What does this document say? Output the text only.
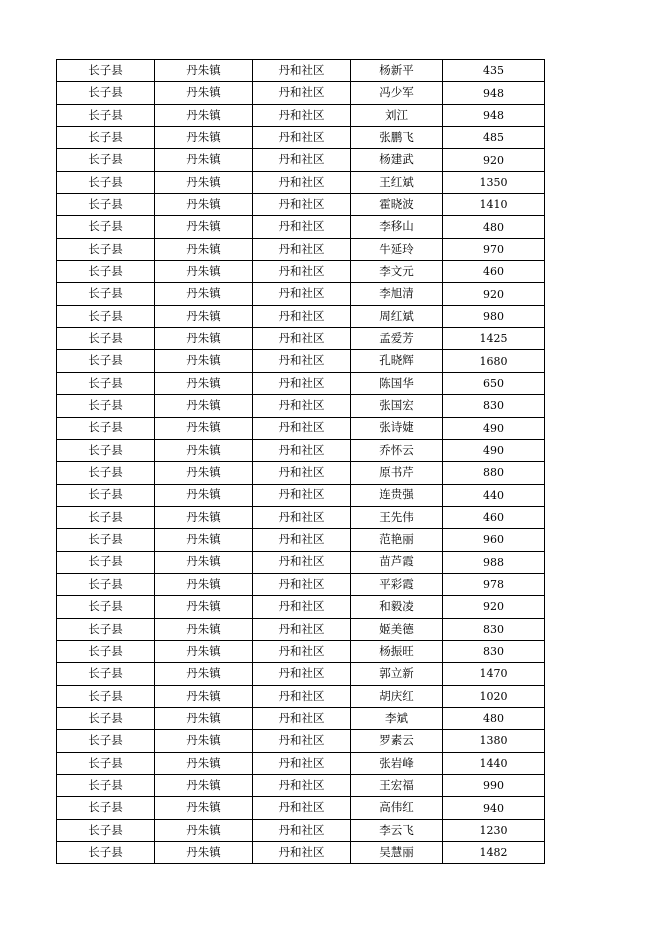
长子县	丹朱镇	丹和社区	杨新平	435
长子县	丹朱镇	丹和社区	冯少军	948
长子县	丹朱镇	丹和社区	刘江	948
长子县	丹朱镇	丹和社区	张鹏飞	485
长子县	丹朱镇	丹和社区	杨建武	920
长子县	丹朱镇	丹和社区	王红斌	1350
长子县	丹朱镇	丹和社区	霍晓波	1410
长子县	丹朱镇	丹和社区	李移山	480
长子县	丹朱镇	丹和社区	牛延玲	970
长子县	丹朱镇	丹和社区	李文元	460
长子县	丹朱镇	丹和社区	李旭清	920
长子县	丹朱镇	丹和社区	周红斌	980
长子县	丹朱镇	丹和社区	孟爱芳	1425
长子县	丹朱镇	丹和社区	孔晓辉	1680
长子县	丹朱镇	丹和社区	陈国华	650
长子县	丹朱镇	丹和社区	张国宏	830
长子县	丹朱镇	丹和社区	张诗婕	490
长子县	丹朱镇	丹和社区	乔怀云	490
长子县	丹朱镇	丹和社区	原书芹	880
长子县	丹朱镇	丹和社区	连贵强	440
长子县	丹朱镇	丹和社区	王先伟	460
长子县	丹朱镇	丹和社区	范艳丽	960
长子县	丹朱镇	丹和社区	苗芦霞	988
长子县	丹朱镇	丹和社区	平彩霞	978
长子县	丹朱镇	丹和社区	和毅凌	920
长子县	丹朱镇	丹和社区	姬美德	830
长子县	丹朱镇	丹和社区	杨振旺	830
长子县	丹朱镇	丹和社区	郭立新	1470
长子县	丹朱镇	丹和社区	胡庆红	1020
长子县	丹朱镇	丹和社区	李斌	480
长子县	丹朱镇	丹和社区	罗素云	1380
长子县	丹朱镇	丹和社区	张岩峰	1440
长子县	丹朱镇	丹和社区	王宏福	990
长子县	丹朱镇	丹和社区	高伟红	940
长子县	丹朱镇	丹和社区	李云飞	1230
长子县	丹朱镇	丹和社区	吴慧丽	1482
